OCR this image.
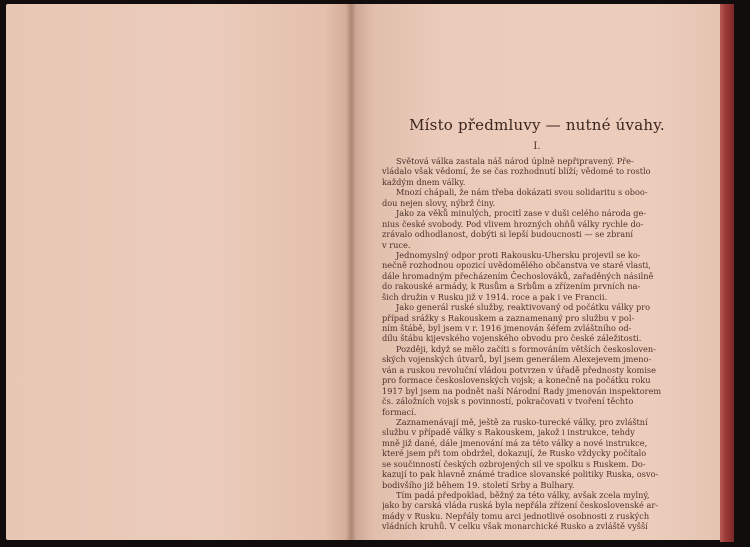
Místo předmluvy — nutné úvahy.
I.
Světová válka zastala náš národ úplně nepřipravený. Pře-
vládalo však vědomí, že se čas rozhodnutí blíží; vědomé to rostlo
každým dnem války.
Mnozí chápali, že nám třeba dokázati svou solidaritu s oboo-
dou nejen slovy, nýbrž činy.
Jako za věků minulých, procitl zase v duši celého národa ge-
nius české svobody. Pod vlivem hrozných ohňů války rychle do-
zrávalo odhodlanost, dobýti si lepší budoucnosti — se zbraní
v ruce.
Jednomyslný odpor proti Rakousku-Uhersku projevil se ko-
nečně rozhodnou opozicí uvědomělého občanstva ve staré vlasti,
dále hromadným přecházením Čechoslováků, zařaděných násilně
do rakouské armády, k Rusům a Srbům a zřízením prvních na-
šich družin v Rusku již v 1914. roce a pak i ve Francii.
Jako generál ruské služby, reaktivovaný od počátku války pro
případ srážky s Rakouskem a zaznamenaný pro službu v pol-
ním štábě, byl jsem v r. 1916 jmenován šéfem zvláštního od-
dílu štábu kijevského vojenského obvodu pro české záležitosti.
Později, když se mělo začíti s formováním větších českosloven-
ských vojenských útvarů, byl jsem generálem Alexejevem jmeno-
ván a ruskou revoluční vládou potvrzen v úřadě přednosty komise
pro formace československých vojsk; a konečně na počátku roku
1917 byl jsem na podnět naší Národní Rady jmenován inspektorem
čs. záložních vojsk s povinností, pokračovati v tvoření těchto
formací.
Zaznamenávají mě, ještě za rusko-turecké války, pro zvláštní
službu v případě války s Rakouskem, jakož i instrukce, tehdy
mně již dané, dále jmenování má za této války a nové instrukce,
které jsem při tom obdržel, dokazují, že Rusko vždycky počítalo
se součinností českých ozbrojených sil ve spolku s Ruskem. Do-
kazují to pak hlavně známé tradice slovanské politiky Ruska, osvo-
bodivšího již během 19. století Srby a Bulhary.
Tím padá předpoklad, běžný za této války, avšak zcela mylný,
jako by carská vláda ruská byla nepřála zřízení československé ar-
mády v Rusku. Nepřály tomu arci jednotlivé osobnosti z ruských
vládních kruhů. V celku však monarchické Rusko a zvláště vyšší
